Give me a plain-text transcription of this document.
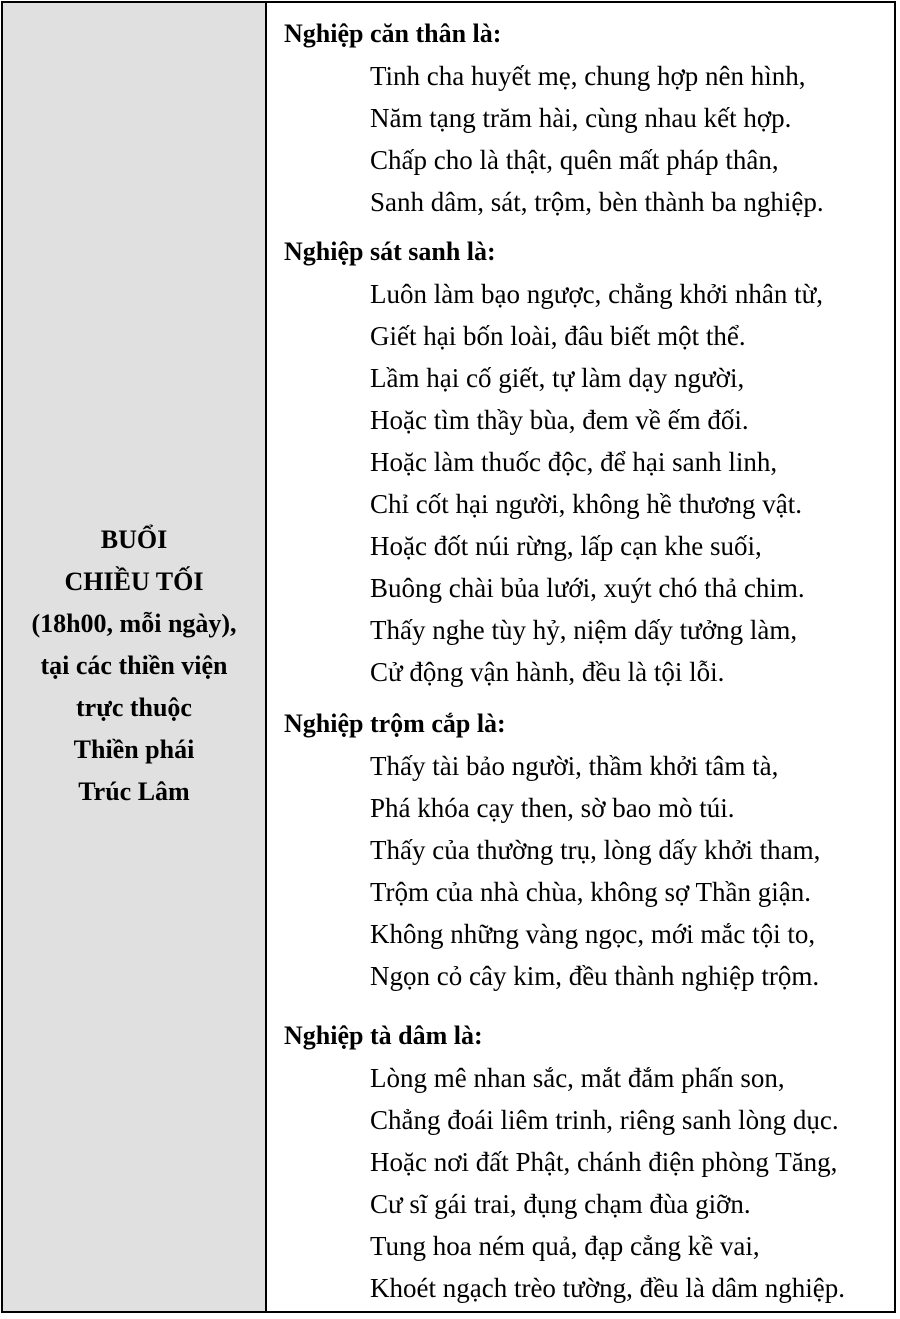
BUỔI
CHIỀU TỐI
(18h00, mỗi ngày),
tại các thiền viện
trực thuộc
Thiền phái
Trúc Lâm
Nghiệp căn thân là:
Tinh cha huyết mẹ, chung hợp nên hình,
Năm tạng trăm hài, cùng nhau kết hợp.
Chấp cho là thật, quên mất pháp thân,
Sanh dâm, sát, trộm, bèn thành ba nghiệp.
Nghiệp sát sanh là:
Luôn làm bạo ngược, chẳng khởi nhân từ,
Giết hại bốn loài, đâu biết một thể.
Lầm hại cố giết, tự làm dạy người,
Hoặc tìm thầy bùa, đem về ếm đối.
Hoặc làm thuốc độc, để hại sanh linh,
Chỉ cốt hại người, không hề thương vật.
Hoặc đốt núi rừng, lấp cạn khe suối,
Buông chài bủa lưới, xuýt chó thả chim.
Thấy nghe tùy hỷ, niệm dấy tưởng làm,
Cử động vận hành, đều là tội lỗi.
Nghiệp trộm cắp là:
Thấy tài bảo người, thầm khởi tâm tà,
Phá khóa cạy then, sờ bao mò túi.
Thấy của thường trụ, lòng dấy khởi tham,
Trộm của nhà chùa, không sợ Thần giận.
Không những vàng ngọc, mới mắc tội to,
Ngọn cỏ cây kim, đều thành nghiệp trộm.
Nghiệp tà dâm là:
Lòng mê nhan sắc, mắt đắm phấn son,
Chẳng đoái liêm trinh, riêng sanh lòng dục.
Hoặc nơi đất Phật, chánh điện phòng Tăng,
Cư sĩ gái trai, đụng chạm đùa giỡn.
Tung hoa ném quả, đạp cẳng kề vai,
Khoét ngạch trèo tường, đều là dâm nghiệp.
